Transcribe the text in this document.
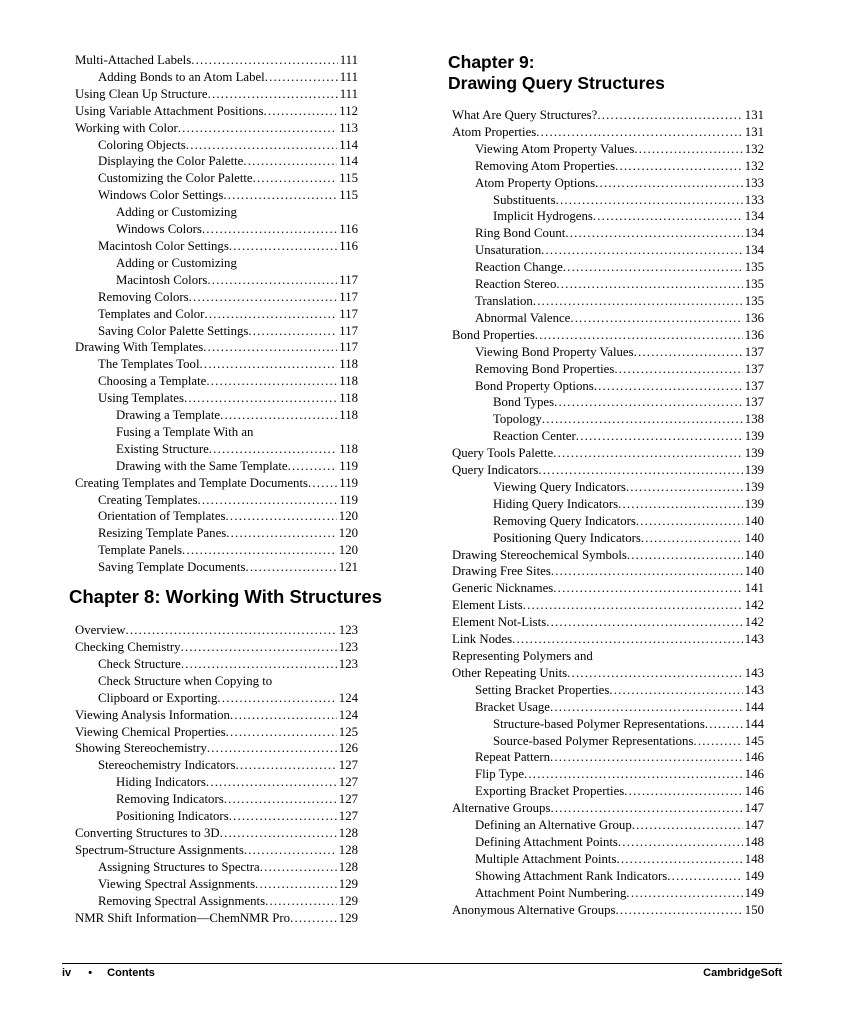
Multi-Attached Labels .....	111
Adding Bonds to an Atom Label .....	111
Using Clean Up Structure .....	111
Using Variable Attachment Positions .....	112
Working with Color .....	113
Coloring Objects .....	114
Displaying the Color Palette .....	114
Customizing the Color Palette .....	115
Windows Color Settings .....	115
Adding or Customizing
Windows Colors .....	116
Macintosh Color Settings .....	116
Adding or Customizing
Macintosh Colors .....	117
Removing Colors .....	117
Templates and Color .....	117
Saving Color Palette Settings .....	117
Drawing With Templates .....	117
The Templates Tool .....	118
Choosing a Template .....	118
Using Templates .....	118
Drawing a Template .....	118
Fusing a Template With an
Existing Structure .....	118
Drawing with the Same Template .....	119
Creating Templates and Template Documents ..... 119
Creating Templates .....	119
Orientation of Templates .....	120
Resizing Template Panes .....	120
Template Panels .....	120
Saving Template Documents .....	121
Chapter 8: Working With Structures
Overview .....	123
Checking Chemistry .....	123
Check Structure .....	123
Check Structure when Copying to
Clipboard or Exporting .....	124
Viewing Analysis Information .....	124
Viewing Chemical Properties .....	125
Showing Stereochemistry .....	126
Stereochemistry Indicators .....	127
Hiding Indicators .....	127
Removing Indicators .....	127
Positioning Indicators .....	127
Converting Structures to 3D .....	128
Spectrum-Structure Assignments .....	128
Assigning Structures to Spectra .....	128
Viewing Spectral Assignments .....	129
Removing Spectral Assignments .....	129
NMR Shift Information—ChemNMR Pro .....	129
Chapter 9:
Drawing Query Structures
What Are Query Structures? .....	131
Atom Properties .....	131
Viewing Atom Property Values .....	132
Removing Atom Properties .....	132
Atom Property Options .....	133
Substituents .....	133
Implicit Hydrogens .....	134
Ring Bond Count .....	134
Unsaturation .....	134
Reaction Change .....	135
Reaction Stereo .....	135
Translation .....	135
Abnormal Valence .....	136
Bond Properties .....	136
Viewing Bond Property Values .....	137
Removing Bond Properties .....	137
Bond Property Options .....	137
Bond Types .....	137
Topology .....	138
Reaction Center .....	139
Query Tools Palette .....	139
Query Indicators .....	139
Viewing Query Indicators .....	139
Hiding Query Indicators .....	139
Removing Query Indicators .....	140
Positioning Query Indicators .....	140
Drawing Stereochemical Symbols .....	140
Drawing Free Sites .....	140
Generic Nicknames .....	141
Element Lists .....	142
Element Not-Lists .....	142
Link Nodes .....	143
Representing Polymers and
Other Repeating Units .....	143
Setting Bracket Properties .....	143
Bracket Usage .....	144
Structure-based Polymer Representations .....	144
Source-based Polymer Representations .....	145
Repeat Pattern .....	146
Flip Type .....	146
Exporting Bracket Properties .....	146
Alternative Groups .....	147
Defining an Alternative Group .....	147
Defining Attachment Points .....	148
Multiple Attachment Points .....	148
Showing Attachment Rank Indicators .....	149
Attachment Point Numbering .....	149
Anonymous Alternative Groups .....	150
iv • Contents	CambridgeSoft
